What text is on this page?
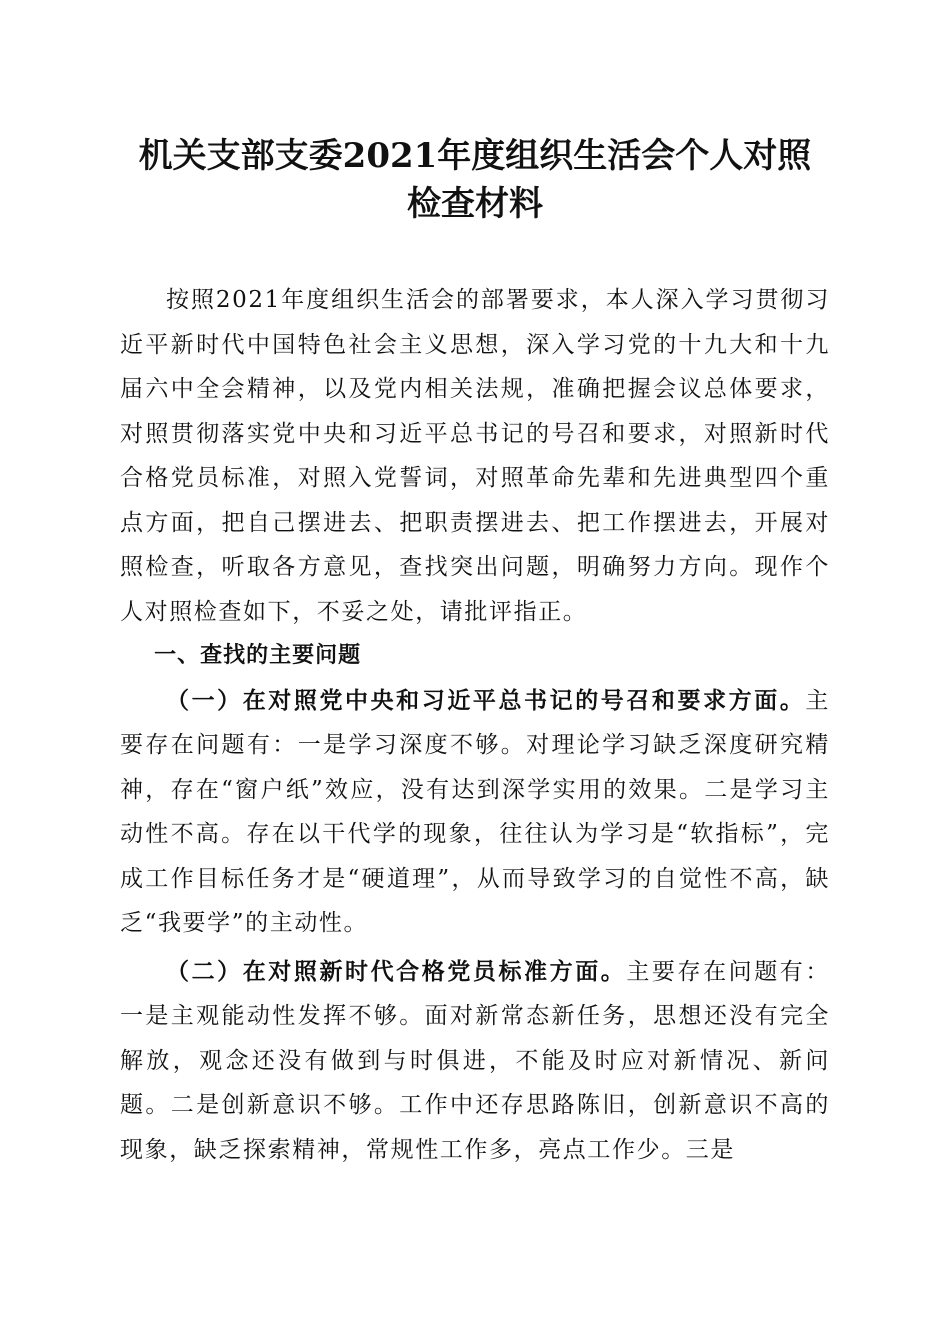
机关支部支委2021年度组织生活会个人对照
检查材料

按照2021年度组织生活会的部署要求，本人深入学习贯彻习近平新时代中国特色社会主义思想，深入学习党的十九大和十九届六中全会精神，以及党内相关法规，准确把握会议总体要求，对照贯彻落实党中央和习近平总书记的号召和要求，对照新时代合格党员标准，对照入党誓词，对照革命先辈和先进典型四个重点方面，把自己摆进去、把职责摆进去、把工作摆进去，开展对照检查，听取各方意见，查找突出问题，明确努力方向。现作个人对照检查如下，不妥之处，请批评指正。

一、查找的主要问题

（一）在对照党中央和习近平总书记的号召和要求方面。主要存在问题有：一是学习深度不够。对理论学习缺乏深度研究精神，存在“窗户纸”效应，没有达到深学实用的效果。二是学习主动性不高。存在以干代学的现象，往往认为学习是“软指标”，完成工作目标任务才是“硬道理”，从而导致学习的自觉性不高，缺乏“我要学”的主动性。

（二）在对照新时代合格党员标准方面。主要存在问题有：一是主观能动性发挥不够。面对新常态新任务，思想还没有完全解放，观念还没有做到与时俱进，不能及时应对新情况、新问题。二是创新意识不够。工作中还存思路陈旧，创新意识不高的现象，缺乏探索精神，常规性工作多，亮点工作少。三是
